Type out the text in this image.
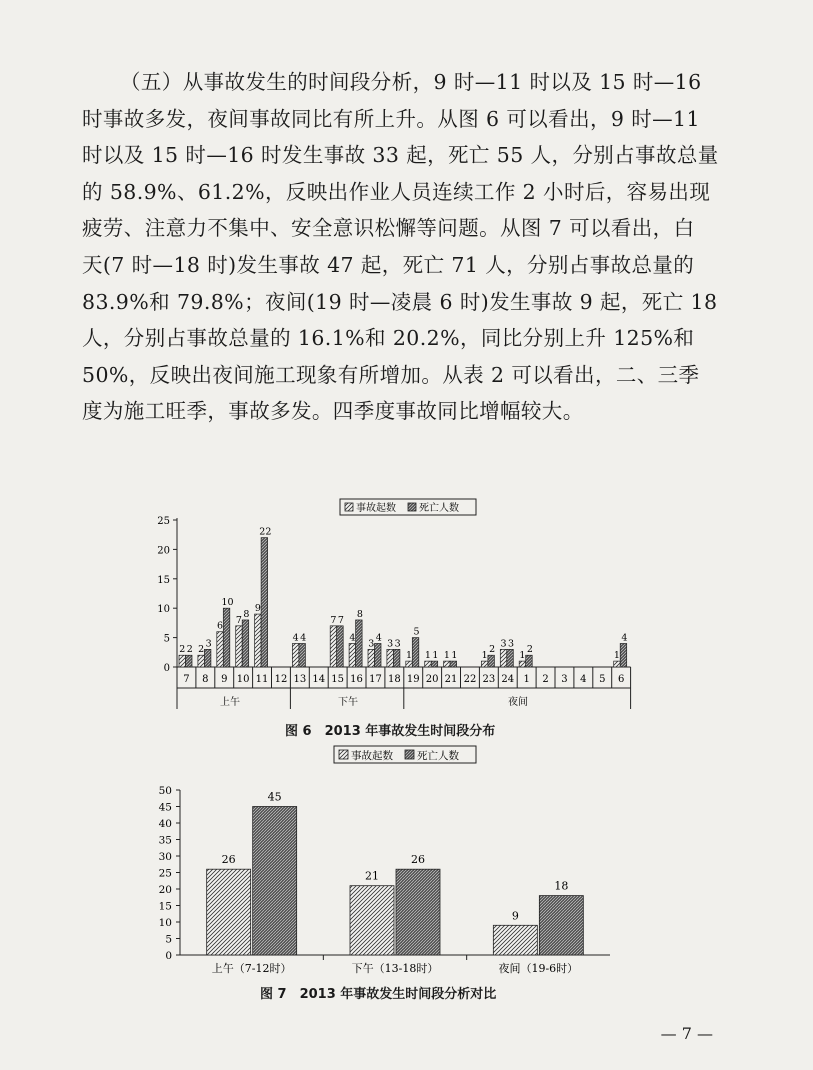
（五）从事故发生的时间段分析，9 时—11 时以及 15 时—16
时事故多发，夜间事故同比有所上升。从图 6 可以看出，9 时—11
时以及 15 时—16 时发生事故 33 起，死亡 55 人，分别占事故总量
的 58.9%、61.2%，反映出作业人员连续工作 2 小时后，容易出现
疲劳、注意力不集中、安全意识松懈等问题。从图 7 可以看出，白
天(7 时—18 时)发生事故 47 起，死亡 71 人，分别占事故总量的
83.9%和 79.8%；夜间(19 时—凌晨 6 时)发生事故 9 起，死亡 18
人，分别占事故总量的 16.1%和 20.2%，同比分别上升 125%和
50%，反映出夜间施工现象有所增加。从表 2 可以看出，二、三季
度为施工旺季，事故多发。四季度事故同比增幅较大。
事故起数 死亡人数
0
5
10
15
20
25
7 8 9 10 11 12 13 14 15 16 17 18 19 20 21 22 23 24 1 2 3 4 5 6
2 2 2
3
6
10
7
8
9
22
4 4
7 7
4
8
3
4
3 3
1
5
1 1 1 1	1
2
3 3
1
2
1
4
上午	下午	夜间
图 6　2013 年事故发生时间段分布
事故起数 死亡人数
0
5
10
15
20
25
30
35
40
45
50
上午（7-12时）	下午（13-18时）	夜间（19-6时）
26
45
21
26
9
18
图 7　2013 年事故发生时间段分析对比
— 7 —
